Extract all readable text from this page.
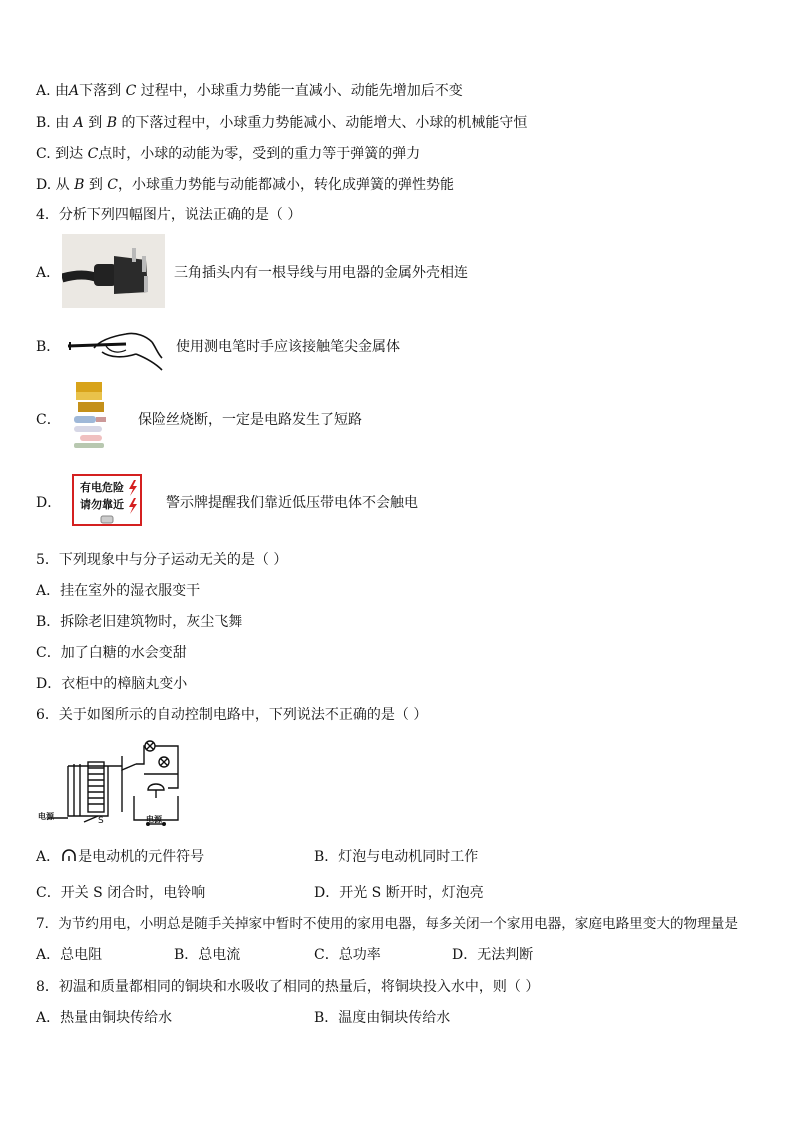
A. 由A下落到 C 过程中，小球重力势能一直减小、动能先增加后不变
B. 由 A 到 B 的下落过程中，小球重力势能减小、动能增大、小球的机械能守恒
C. 到达 C点时，小球的动能为零，受到的重力等于弹簧的弹力
D. 从 B 到 C，小球重力势能与动能都减小，转化成弹簧的弹性势能
4．分析下列四幅图片，说法正确的是（ ）
A．	三角插头内有一根导线与用电器的金属外壳相连
B．	使用测电笔时手应该接触笔尖金属体
C．	保险丝烧断，一定是电路发生了短路
D．
有电危险
请勿靠近	警示牌提醒我们靠近低压带电体不会触电
5．下列现象中与分子运动无关的是（ ）
A．挂在室外的湿衣服变干
B．拆除老旧建筑物时，灰尘飞舞
C．加了白糖的水会变甜
D．衣柜中的樟脑丸变小
6．关于如图所示的自动控制电路中，下列说法不正确的是（ ）
电源	S	电源
A． 是电动机的元件符号	B．灯泡与电动机同时工作
C．开关 S 闭合时，电铃响	D．开光 S 断开时，灯泡亮
7．为节约用电，小明总是随手关掉家中暂时不使用的家用电器，每多关闭一个家用电器，家庭电路里变大的物理量是
A．总电阻	B．总电流	C．总功率	D．无法判断
8．初温和质量都相同的铜块和水吸收了相同的热量后，将铜块投入水中，则（ ）
A．热量由铜块传给水	B．温度由铜块传给水
